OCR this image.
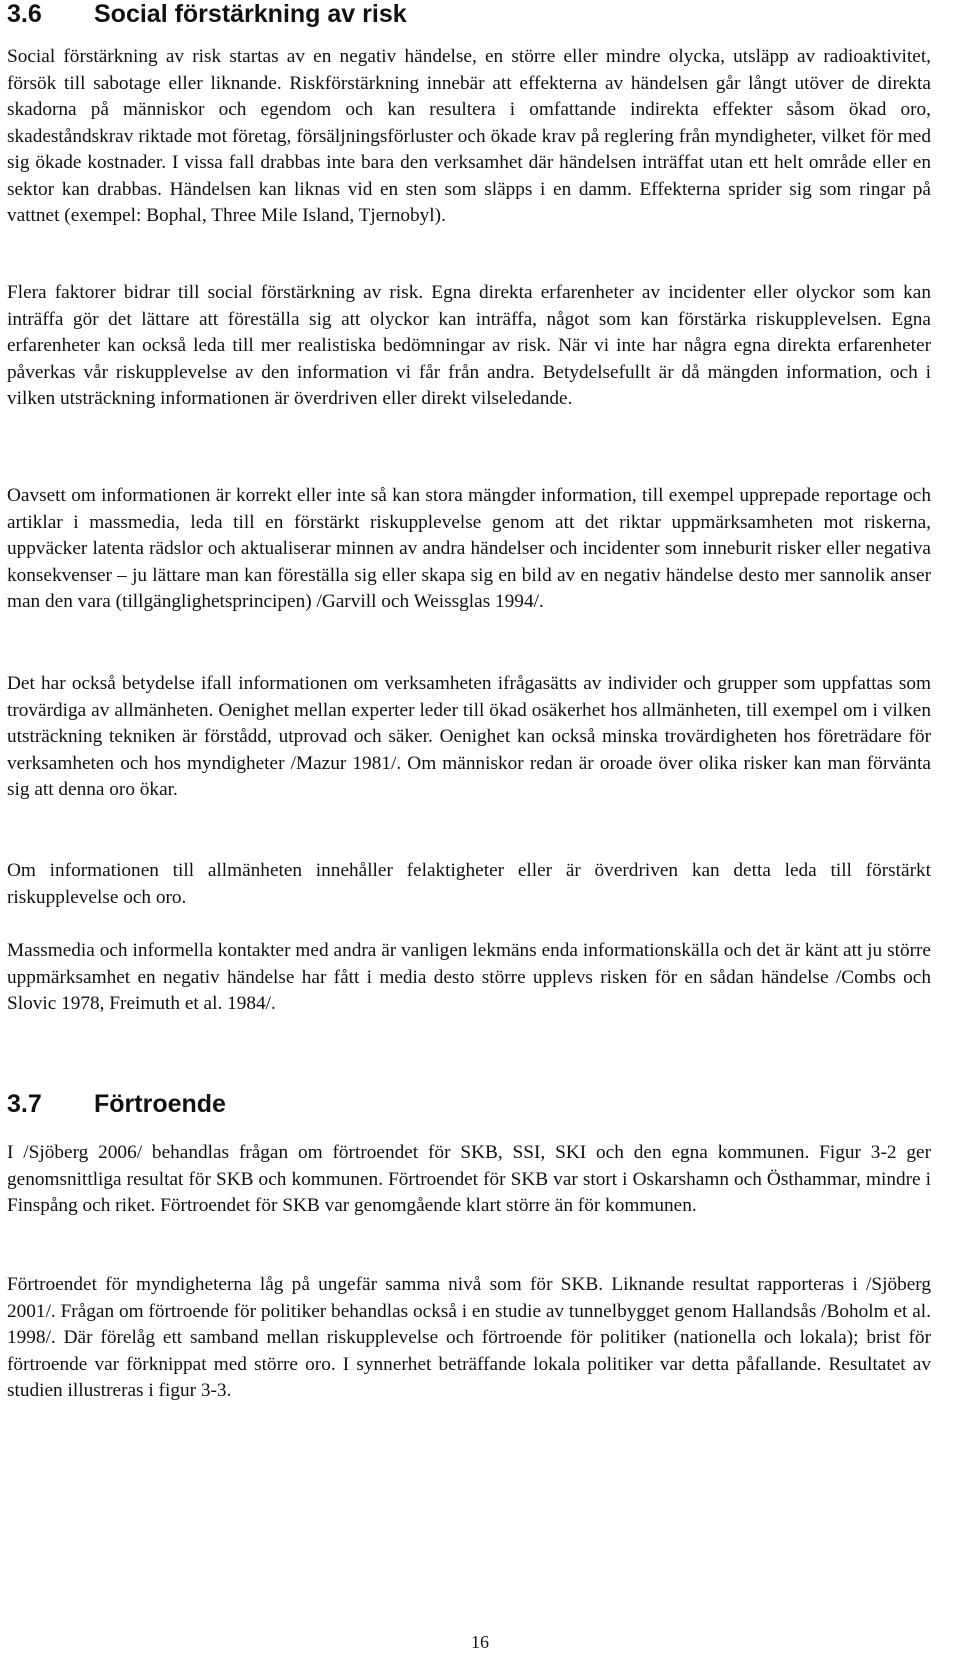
3.6	Social förstärkning av risk

Social förstärkning av risk startas av en negativ händelse, en större eller mindre olycka, utsläpp av radioaktivitet, försök till sabotage eller liknande. Riskförstärkning innebär att effekterna av händelsen går långt utöver de direkta skadorna på människor och egendom och kan resultera i omfattande indirekta effekter såsom ökad oro, skadeståndskrav riktade mot företag, försäljningsförluster och ökade krav på reglering från myndigheter, vilket för med sig ökade kostnader. I vissa fall drabbas inte bara den verksamhet där händelsen inträffat utan ett helt område eller en sektor kan drabbas. Händelsen kan liknas vid en sten som släpps i en damm. Effekterna sprider sig som ringar på vattnet (exempel: Bophal, Three Mile Island, Tjernobyl).

Flera faktorer bidrar till social förstärkning av risk. Egna direkta erfarenheter av incidenter eller olyckor som kan inträffa gör det lättare att föreställa sig att olyckor kan inträffa, något som kan förstärka riskupplevelsen. Egna erfarenheter kan också leda till mer realistiska bedömningar av risk. När vi inte har några egna direkta erfarenheter påverkas vår riskupplevelse av den information vi får från andra. Betydelsefullt är då mängden information, och i vilken utsträckning informationen är överdriven eller direkt vilseledande.

Oavsett om informationen är korrekt eller inte så kan stora mängder information, till exempel upprepade reportage och artiklar i massmedia, leda till en förstärkt riskupplevelse genom att det riktar uppmärksamheten mot riskerna, uppväcker latenta rädslor och aktualiserar minnen av andra händelser och incidenter som inneburit risker eller negativa konsekvenser – ju lättare man kan föreställa sig eller skapa sig en bild av en negativ händelse desto mer sannolik anser man den vara (tillgänglighetsprincipen) /Garvill och Weissglas 1994/.

Det har också betydelse ifall informationen om verksamheten ifrågasätts av individer och grupper som uppfattas som trovärdiga av allmänheten. Oenighet mellan experter leder till ökad osäkerhet hos allmänheten, till exempel om i vilken utsträckning tekniken är förstådd, utprovad och säker. Oenighet kan också minska trovärdigheten hos företrädare för verksamheten och hos myndigheter /Mazur 1981/. Om människor redan är oroade över olika risker kan man förvänta sig att denna oro ökar.

Om informationen till allmänheten innehåller felaktigheter eller är överdriven kan detta leda till förstärkt riskupplevelse och oro.

Massmedia och informella kontakter med andra är vanligen lekmäns enda informationskälla och det är känt att ju större uppmärksamhet en negativ händelse har fått i media desto större upplevs risken för en sådan händelse /Combs och Slovic 1978, Freimuth et al. 1984/.

3.7	Förtroende

I /Sjöberg 2006/ behandlas frågan om förtroendet för SKB, SSI, SKI och den egna kommunen. Figur 3-2 ger genomsnittliga resultat för SKB och kommunen. Förtroendet för SKB var stort i Oskarshamn och Östhammar, mindre i Finspång och riket. Förtroendet för SKB var genomgående klart större än för kommunen.

Förtroendet för myndigheterna låg på ungefär samma nivå som för SKB. Liknande resultat rapporteras i /Sjöberg 2001/. Frågan om förtroende för politiker behandlas också i en studie av tunnelbygget genom Hallandsås /Boholm et al. 1998/. Där förelåg ett samband mellan riskupplevelse och förtroende för politiker (nationella och lokala); brist för förtroende var förknippat med större oro. I synnerhet beträffande lokala politiker var detta påfallande. Resultatet av studien illustreras i figur 3-3.

16
